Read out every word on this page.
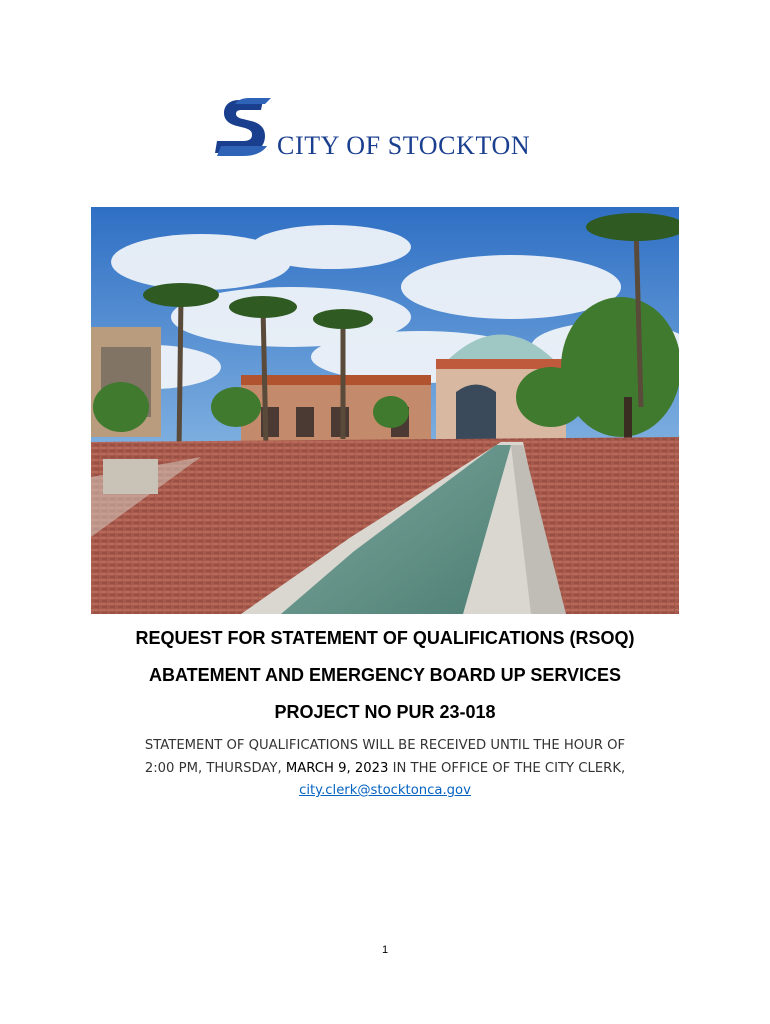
CITY OF STOCKTON
REQUEST FOR STATEMENT OF QUALIFICATIONS (RSOQ)
ABATEMENT AND EMERGENCY BOARD UP SERVICES
PROJECT NO PUR 23-018
STATEMENT OF QUALIFICATIONS WILL BE RECEIVED UNTIL THE HOUR OF
2:00 PM, THURSDAY, MARCH 9, 2023 IN THE OFFICE OF THE CITY CLERK,
city.clerk@stocktonca.gov
1
